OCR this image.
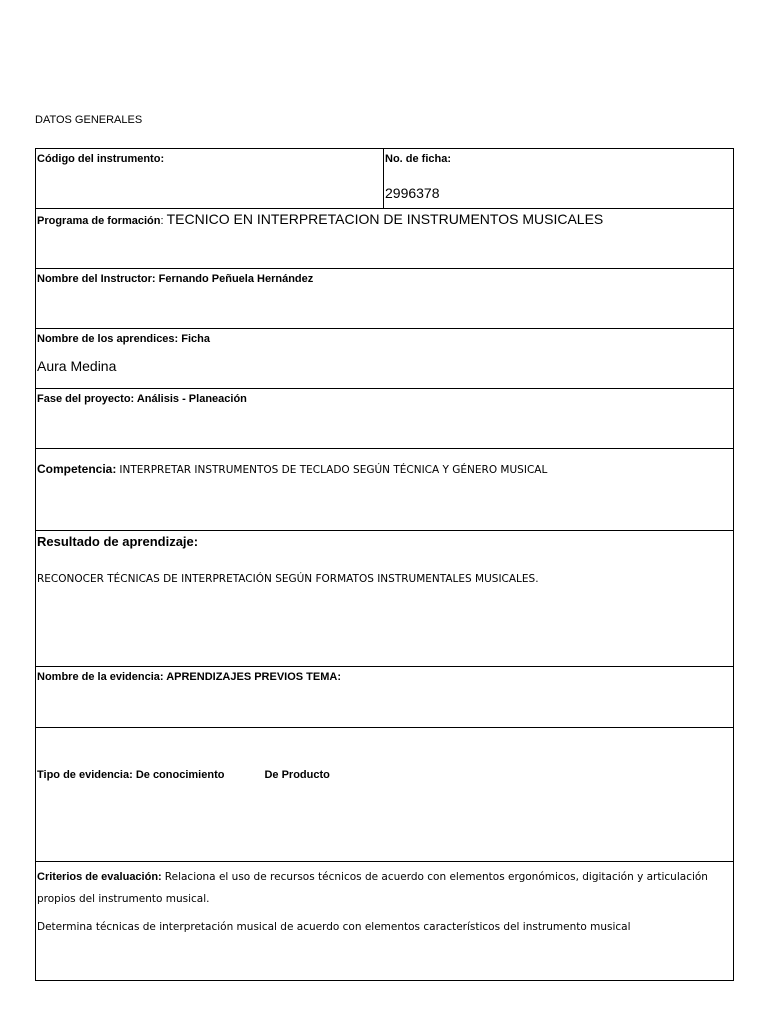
DATOS GENERALES
Código del instrumento:	No. de ficha:
2996378

Programa de formación: TECNICO EN INTERPRETACION DE INSTRUMENTOS MUSICALES

Nombre del Instructor: Fernando Peñuela Hernández

Nombre de los aprendices: Ficha
Aura Medina

Fase del proyecto: Análisis - Planeación

Competencia: INTERPRETAR INSTRUMENTOS DE TECLADO SEGÚN TÉCNICA Y GÉNERO MUSICAL

Resultado de aprendizaje:
RECONOCER TÉCNICAS DE INTERPRETACIÓN SEGÚN FORMATOS INSTRUMENTALES MUSICALES.

Nombre de la evidencia: APRENDIZAJES PREVIOS TEMA:

Tipo de evidencia: De conocimiento	De Producto

Criterios de evaluación: Relaciona el uso de recursos técnicos de acuerdo con elementos ergonómicos, digitación y articulación propios del instrumento musical.
Determina técnicas de interpretación musical de acuerdo con elementos característicos del instrumento musical
